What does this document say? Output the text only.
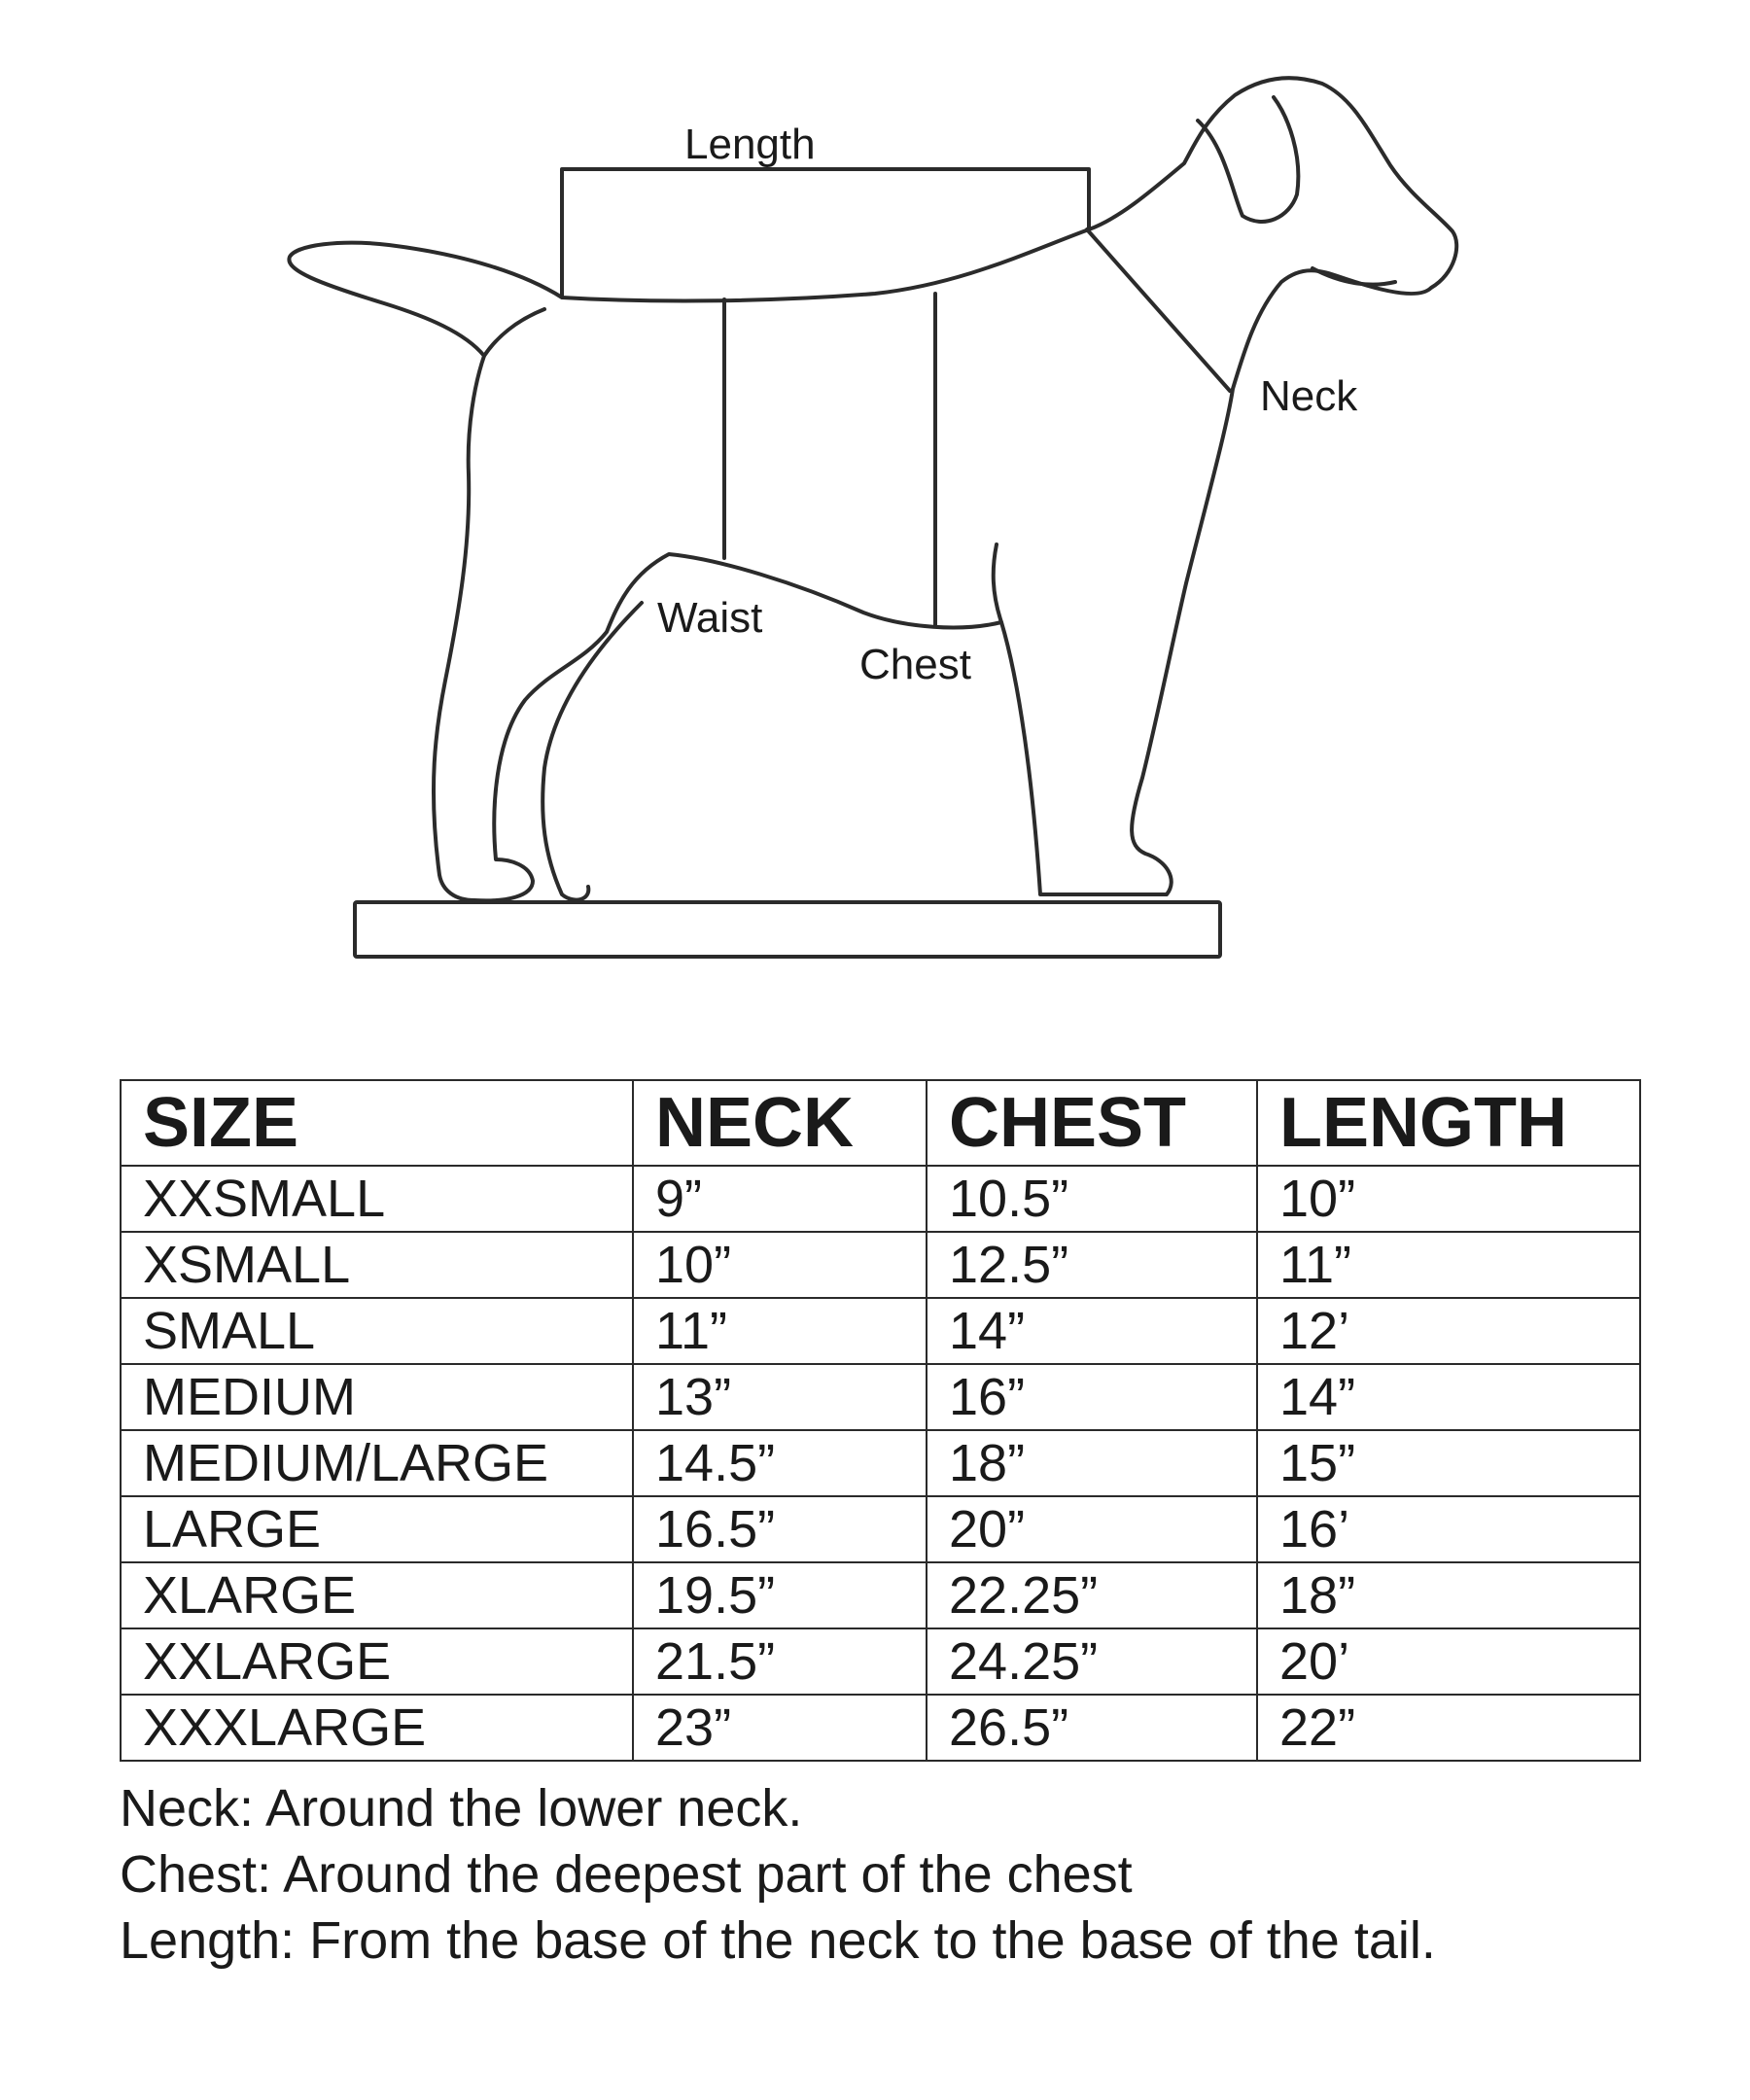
Length
Neck
Waist
Chest
SIZE	NECK	CHEST	LENGTH
XXSMALL	9”	10.5”	10”
XSMALL	10”	12.5”	11”
SMALL	11”	14”	12’
MEDIUM	13”	16”	14”
MEDIUM/LARGE	14.5”	18”	15”
LARGE	16.5”	20”	16’
XLARGE	19.5”	22.25”	18”
XXLARGE	21.5”	24.25”	20’
XXXLARGE	23”	26.5”	22”

Neck: Around the lower neck.

Chest: Around the deepest part of the chest

Length: From the base of the neck to the base of the tail.
